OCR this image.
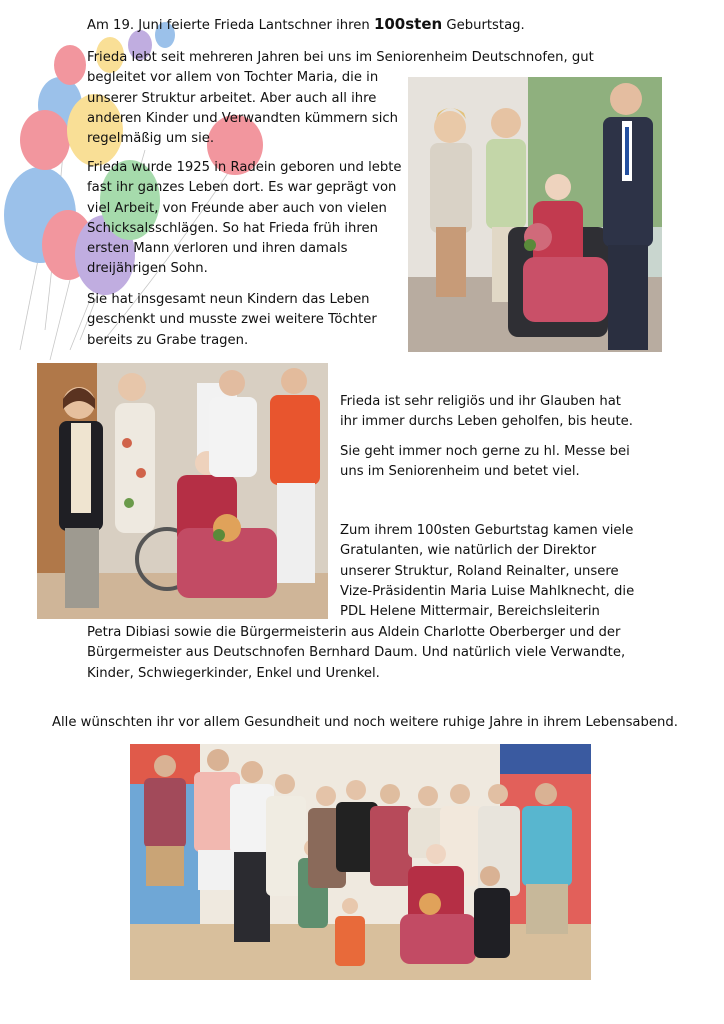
Am 19. Juni feierte Frieda Lantschner ihren 100sten Geburtstag.

Frieda lebt seit mehreren Jahren bei uns im Seniorenheim Deutschnofen, gut
begleitet vor allem von Tochter Maria, die in
unserer Struktur arbeitet. Aber auch all ihre
anderen Kinder und Verwandten kümmern sich
regelmäßig um sie.
Frieda wurde 1925 in Radein geboren und lebte
fast ihr ganzes Leben dort. Es war geprägt von
viel Arbeit, von Freunde aber auch von vielen
Schicksalsschlägen. So hat Frieda früh ihren
ersten Mann verloren und ihren damals
dreijährigen Sohn.
Sie hat insgesamt neun Kindern das Leben
geschenkt und musste zwei weitere Töchter
bereits zu Grabe tragen.
Frieda ist sehr religiös und ihr Glauben hat
ihr immer durchs Leben geholfen, bis heute.
Sie geht immer noch gerne zu hl. Messe bei
uns im Seniorenheim und betet viel.
Zum ihrem 100sten Geburtstag kamen viele
Gratulanten, wie natürlich der Direktor
unserer Struktur, Roland Reinalter, unsere
Vize-Präsidentin Maria Luise Mahlknecht, die
PDL Helene Mittermair, Bereichsleiterin
Petra Dibiasi sowie die Bürgermeisterin aus Aldein Charlotte Oberberger und der
Bürgermeister aus Deutschnofen Bernhard Daum. Und natürlich viele Verwandte,
Kinder, Schwiegerkinder, Enkel und Urenkel.

Alle wünschten ihr vor allem Gesundheit und noch weitere ruhige Jahre in ihrem Lebensabend.
